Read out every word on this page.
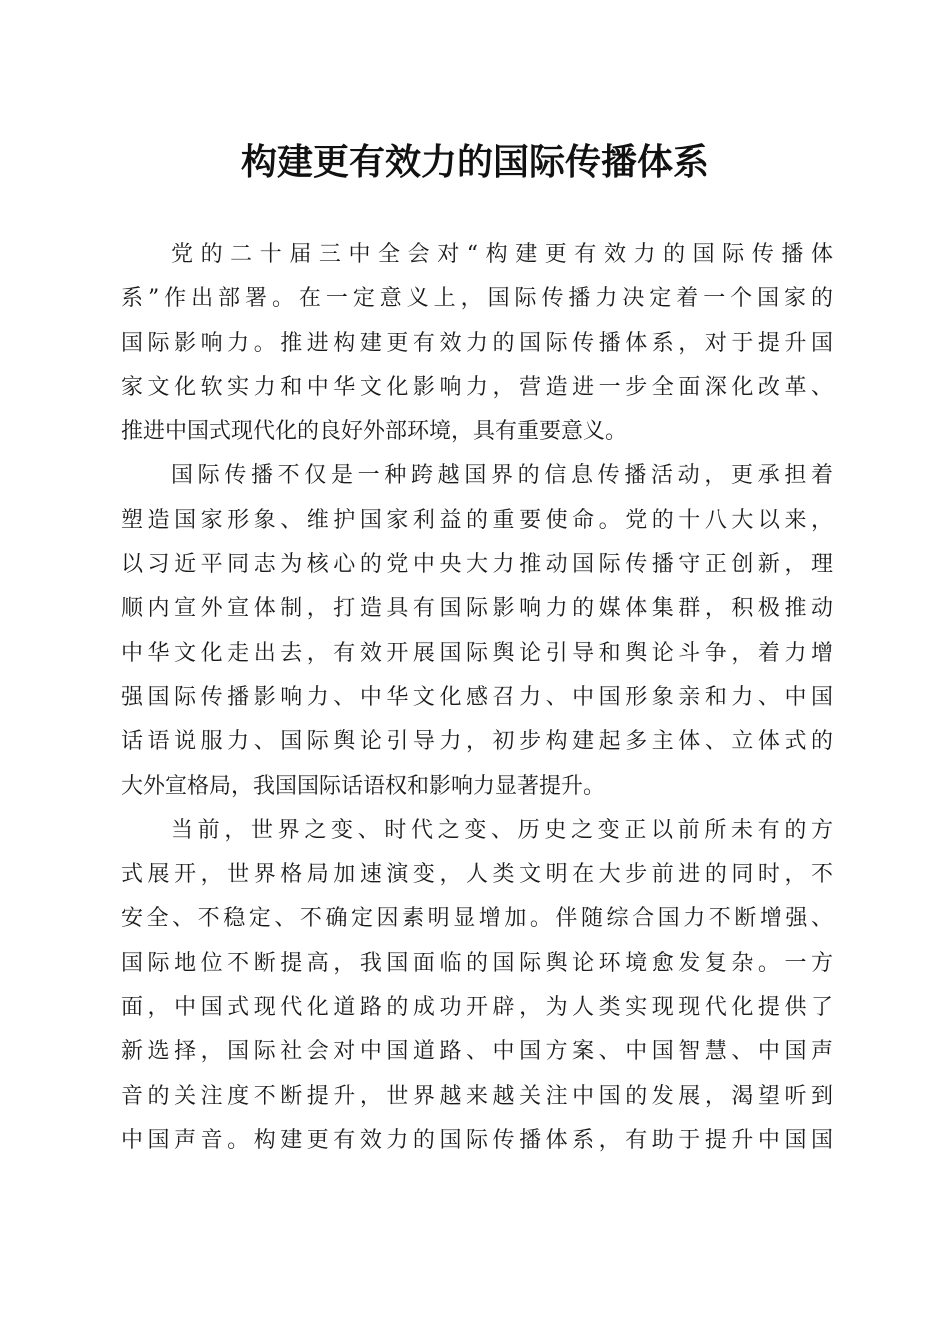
构建更有效力的国际传播体系
党的二十届三中全会对“构建更有效力的国际传播体
系”作出部署。在一定意义上，国际传播力决定着一个国家的
国际影响力。推进构建更有效力的国际传播体系，对于提升国
家文化软实力和中华文化影响力，营造进一步全面深化改革、
推进中国式现代化的良好外部环境，具有重要意义。
国际传播不仅是一种跨越国界的信息传播活动，更承担着
塑造国家形象、维护国家利益的重要使命。党的十八大以来，
以习近平同志为核心的党中央大力推动国际传播守正创新，理
顺内宣外宣体制，打造具有国际影响力的媒体集群，积极推动
中华文化走出去，有效开展国际舆论引导和舆论斗争，着力增
强国际传播影响力、中华文化感召力、中国形象亲和力、中国
话语说服力、国际舆论引导力，初步构建起多主体、立体式的
大外宣格局，我国国际话语权和影响力显著提升。
当前，世界之变、时代之变、历史之变正以前所未有的方
式展开，世界格局加速演变，人类文明在大步前进的同时，不
安全、不稳定、不确定因素明显增加。伴随综合国力不断增强、
国际地位不断提高，我国面临的国际舆论环境愈发复杂。一方
面，中国式现代化道路的成功开辟，为人类实现现代化提供了
新选择，国际社会对中国道路、中国方案、中国智慧、中国声
音的关注度不断提升，世界越来越关注中国的发展，渴望听到
中国声音。构建更有效力的国际传播体系，有助于提升中国国
